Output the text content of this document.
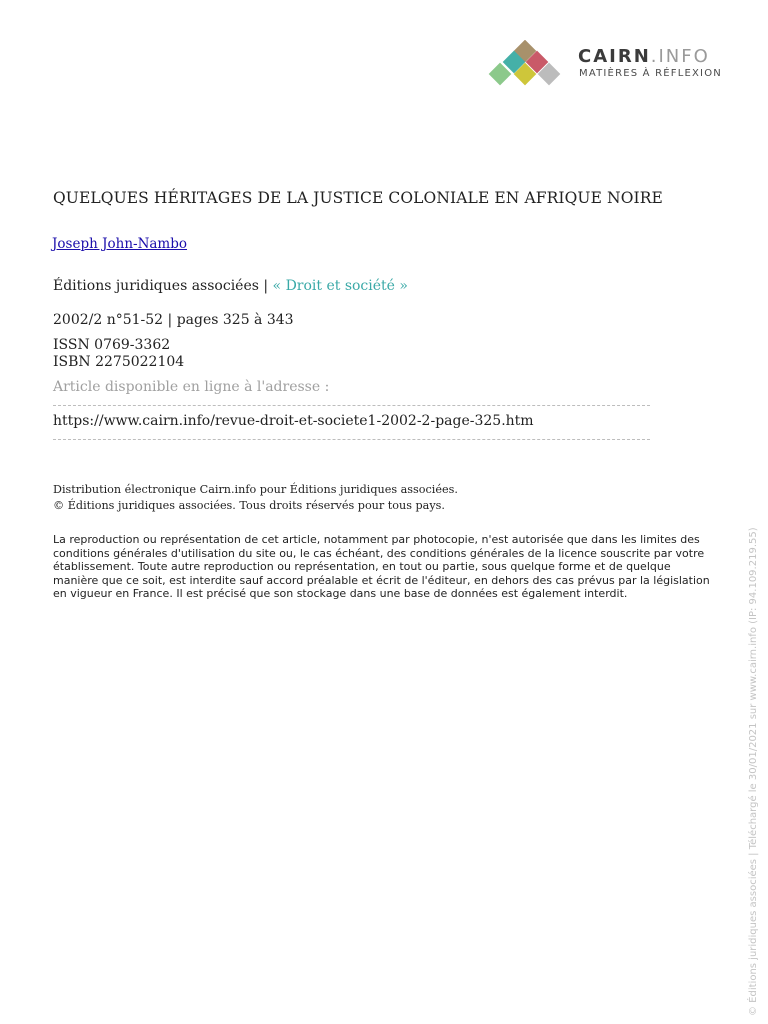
CAIRN.INFO
MATIÈRES À RÉFLEXION
QUELQUES HÉRITAGES DE LA JUSTICE COLONIALE EN AFRIQUE NOIRE
Joseph John-Nambo
Éditions juridiques associées | « Droit et société »
2002/2 n°51-52 | pages 325 à 343
ISSN 0769-3362
ISBN 2275022104
Article disponible en ligne à l'adresse :
https://www.cairn.info/revue-droit-et-societe1-2002-2-page-325.htm
Distribution électronique Cairn.info pour Éditions juridiques associées.
© Éditions juridiques associées. Tous droits réservés pour tous pays.
La reproduction ou représentation de cet article, notamment par photocopie, n'est autorisée que dans les limites des conditions générales d'utilisation du site ou, le cas échéant, des conditions générales de la licence souscrite par votre établissement. Toute autre reproduction ou représentation, en tout ou partie, sous quelque forme et de quelque manière que ce soit, est interdite sauf accord préalable et écrit de l'éditeur, en dehors des cas prévus par la législation en vigueur en France. Il est précisé que son stockage dans une base de données est également interdit.	© Éditions juridiques associées | Téléchargé le 30/01/2021 sur www.cairn.info (IP: 94.109.219.55)
